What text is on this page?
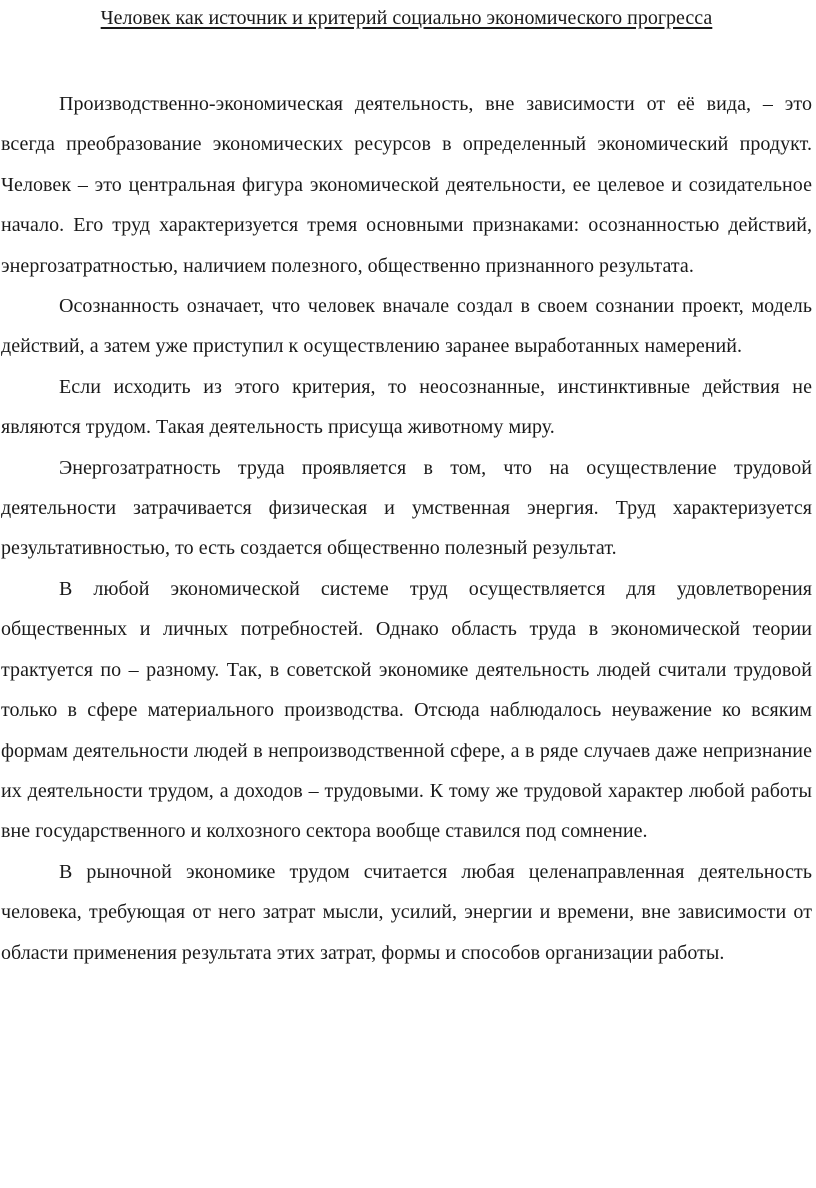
Человек как источник и критерий социально экономического прогресса

Производственно-экономическая деятельность, вне зависимости от её вида, – это всегда преобразование экономических ресурсов в определенный экономический продукт. Человек – это центральная фигура экономической деятельности, ее целевое и созидательное начало. Его труд характеризуется тремя основными признаками: осознанностью действий, энергозатратностью, наличием полезного, общественно признанного результата.

Осознанность означает, что человек вначале создал в своем сознании проект, модель действий, а затем уже приступил к осуществлению заранее выработанных намерений.

Если исходить из этого критерия, то неосознанные, инстинктивные действия не являются трудом. Такая деятельность присуща животному миру.

Энергозатратность труда проявляется в том, что на осуществление трудовой деятельности затрачивается физическая и умственная энергия. Труд характеризуется результативностью, то есть создается общественно полезный результат.

В любой экономической системе труд осуществляется для удовлетворения общественных и личных потребностей. Однако область труда в экономической теории трактуется по – разному. Так, в советской экономике деятельность людей считали трудовой только в сфере материального производства. Отсюда наблюдалось неуважение ко всяким формам деятельности людей в непроизводственной сфере, а в ряде случаев даже непризнание их деятельности трудом, а доходов – трудовыми. К тому же трудовой характер любой работы вне государственного и колхозного сектора вообще ставился под сомнение.

В рыночной экономике трудом считается любая целенаправленная деятельность человека, требующая от него затрат мысли, усилий, энергии и времени, вне зависимости от области применения результата этих затрат, формы и способов организации работы.
